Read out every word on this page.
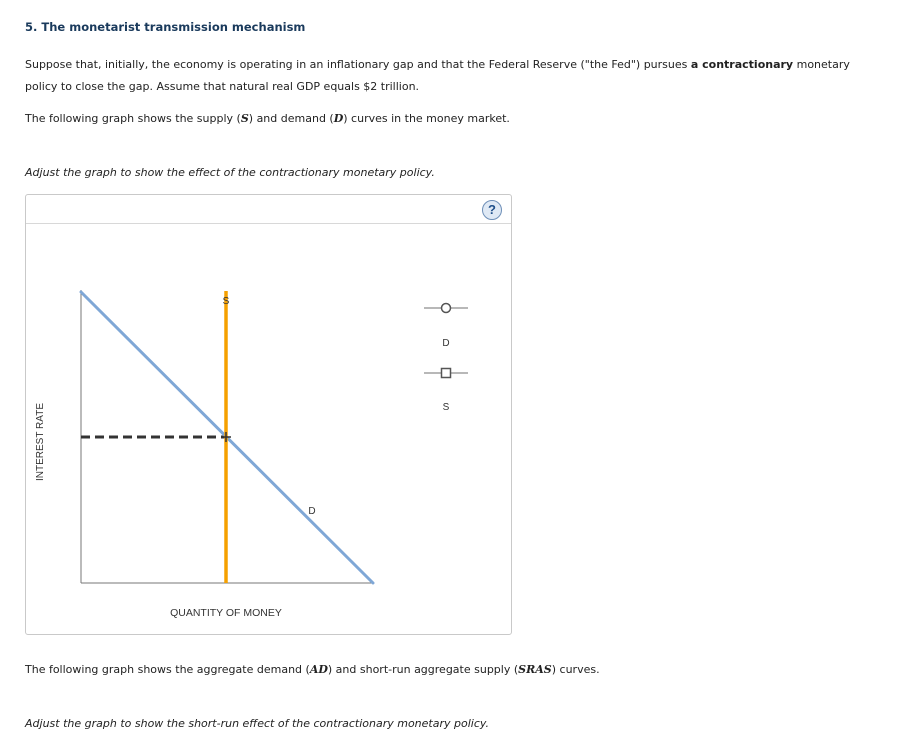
5. The monetarist transmission mechanism
Suppose that, initially, the economy is operating in an inflationary gap and that the Federal Reserve ("the Fed") pursues a contractionary monetary
policy to close the gap. Assume that natural real GDP equals $2 trillion.
The following graph shows the supply (S) and demand (D) curves in the money market.
Adjust the graph to show the effect of the contractionary monetary policy.
?
INTEREST RATE
QUANTITY OF MONEY
D
S
D
S
The following graph shows the aggregate demand (AD) and short-run aggregate supply (SRAS) curves.
Adjust the graph to show the short-run effect of the contractionary monetary policy.
